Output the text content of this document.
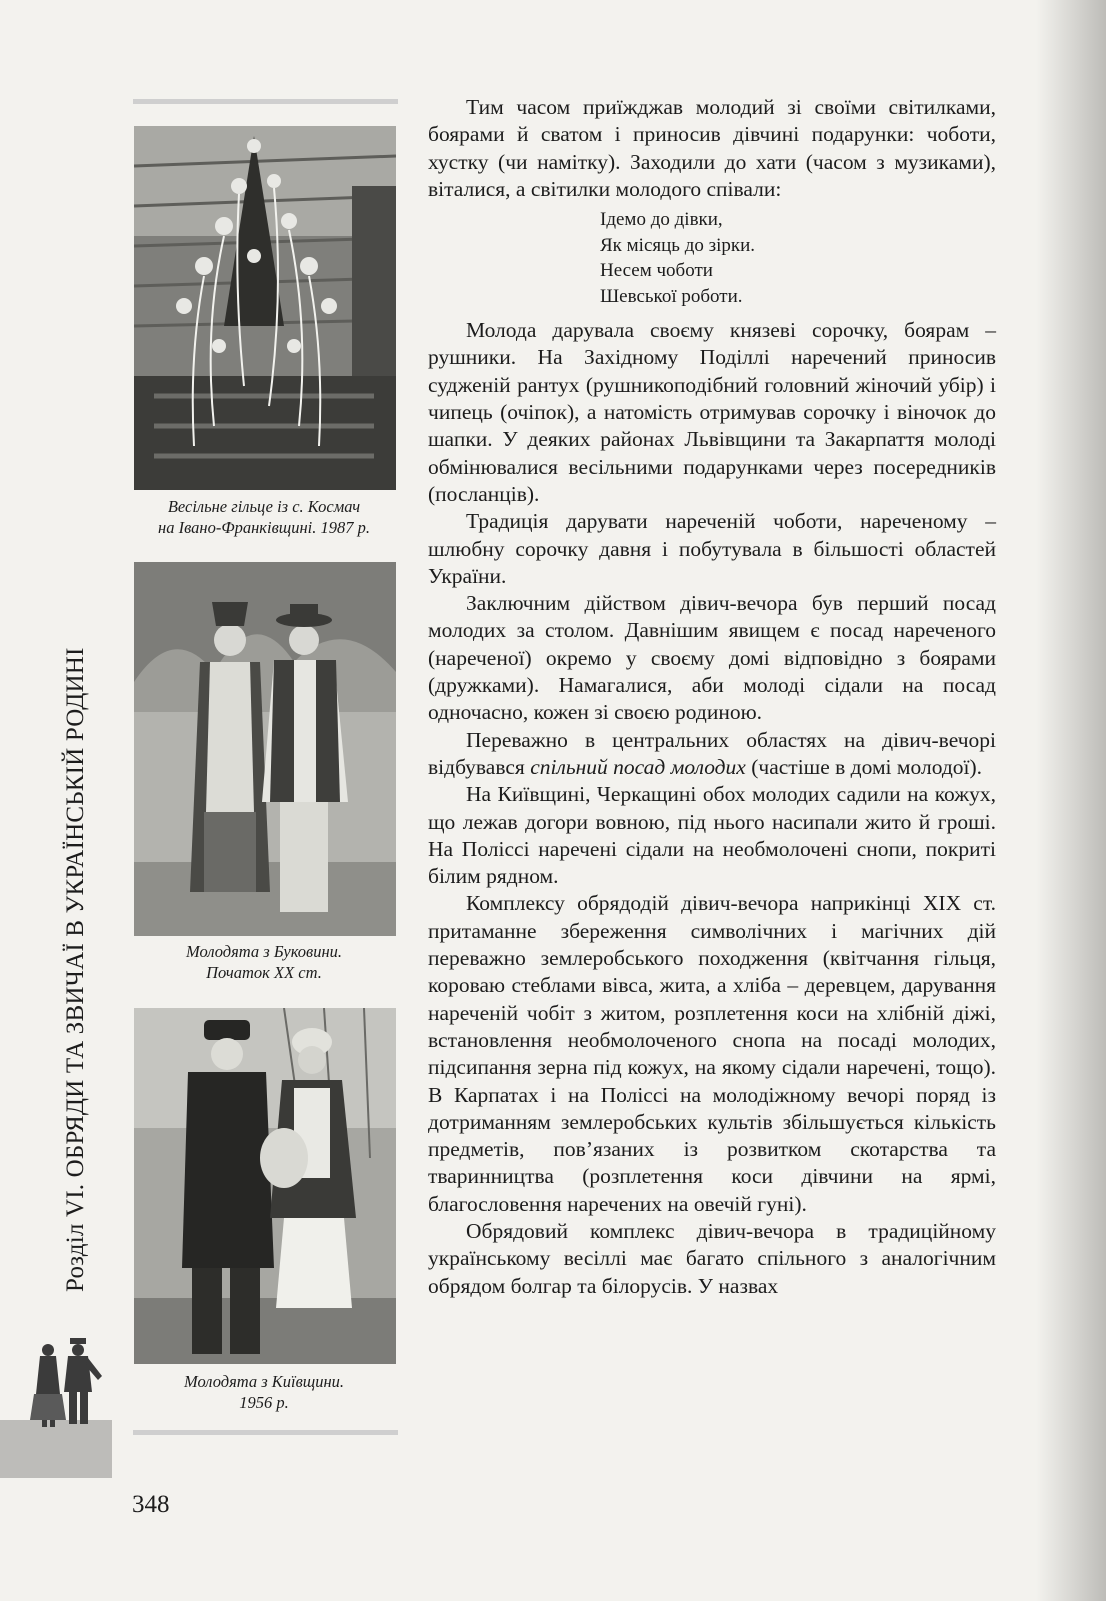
Розділ VI. ОБРЯДИ ТА ЗВИЧАЇ В УКРАЇНСЬКІЙ РОДИНІ
Весільне гільце із с. Космач
на Івано-Франківщині. 1987 р.
Молодята з Буковини.
Початок XX ст.
Молодята з Київщини.
1956 р.
348

Тим часом приїжджав молодий зі своїми світилками, боярами й сватом і приносив дівчині подарунки: чоботи, хустку (чи намітку). Заходили до хати (часом з музиками), віталися, а світилки молодого співали:

Ідемо до дівки,
Як місяць до зірки.
Несем чоботи
Шевської роботи.

Молода дарувала своєму князеві сорочку, боярам – рушники. На Західному Поділлі наречений приносив судженій рантух (рушникоподібний головний жіночий убір) і чипець (очіпок), а натомість отримував сорочку і віночок до шапки. У деяких районах Львівщини та Закарпаття молоді обмінювалися весільними подарунками через посередників (посланців).

Традиція дарувати нареченій чоботи, нареченому – шлюбну сорочку давня і побутувала в більшості областей України.

Заключним дійством дівич-вечора був перший посад молодих за столом. Давнішим явищем є посад нареченого (нареченої) окремо у своєму домі відповідно з боярами (дружками). Намагалися, аби молоді сідали на посад одночасно, кожен зі своєю родиною.

Переважно в центральних областях на дівич-вечорі відбувався спільний посад молодих (частіше в домі молодої).

На Київщині, Черкащині обох молодих садили на кожух, що лежав догори вовною, під нього насипали жито й гроші. На Поліссі наречені сідали на необмолочені снопи, покриті білим рядном.

Комплексу обрядодій дівич-вечора наприкінці XIX ст. притаманне збереження символічних і магічних дій переважно землеробського походження (квітчання гільця, короваю стеблами вівса, жита, а хліба – деревцем, дарування нареченій чобіт з житом, розплетення коси на хлібній діжі, встановлення необмолоченого снопа на посаді молодих, підсипання зерна під кожух, на якому сідали наречені, тощо). В Карпатах і на Поліссі на молодіжному вечорі поряд із дотриманням землеробських культів збільшується кількість предметів, пов’язаних із розвитком скотарства та тваринництва (розплетення коси дівчини на ярмі, благословення наречених на овечій гуні).

Обрядовий комплекс дівич-вечора в традиційному українському весіллі має багато спільного з аналогічним обрядом болгар та білорусів. У назвах
